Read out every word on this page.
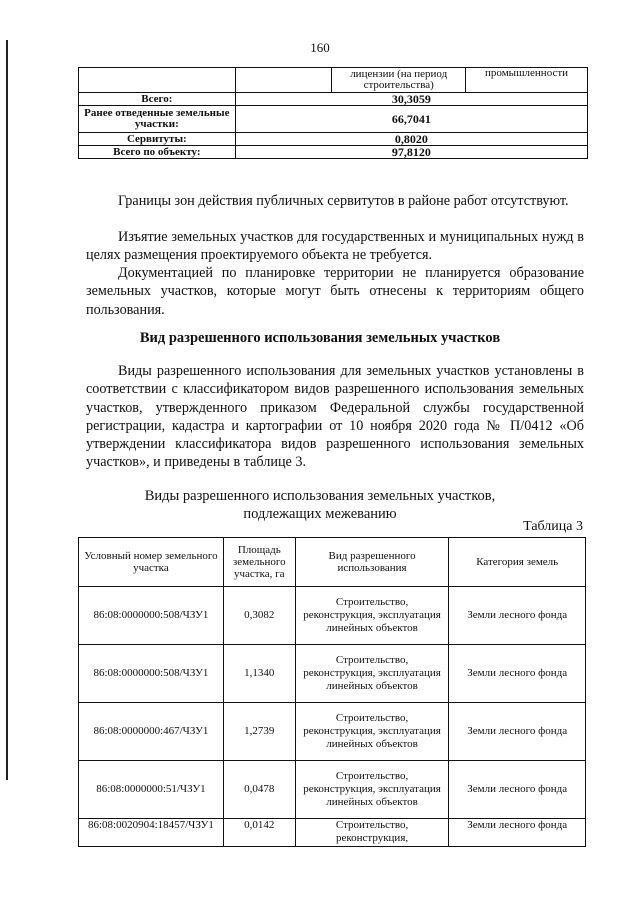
160
		лицензии (на период строительства)	промышленности
Всего:	30,3059		
Ранее отведенные земельные участки:	66,7041		
Сервитуты:	0,8020		
Всего по объекту:	97,8120		

Границы зон действия публичных сервитутов в районе работ отсутствуют.

Изъятие земельных участков для государственных и муниципальных нужд в целях размещения проектируемого объекта не требуется.

Документацией по планировке территории не планируется образование земельных участков, которые могут быть отнесены к территориям общего пользования.

Вид разрешенного использования земельных участков

Виды разрешенного использования для земельных участков установлены в соответствии с классификатором видов разрешенного использования земельных участков, утвержденного приказом Федеральной службы государственной регистрации, кадастра и картографии от 10 ноября 2020 года № П/0412 «Об утверждении классификатора видов разрешенного использования земельных участков», и приведены в таблице 3.

Виды разрешенного использования земельных участков,
подлежащих межеванию
Таблица 3
Условный номер земельного участка	Площадь земельного участка, га	Вид разрешенного использования	Категория земель
86:08:0000000:508/ЧЗУ1	0,3082	Строительство, реконструкция, эксплуатация линейных объектов	Земли лесного фонда
86:08:0000000:508/ЧЗУ1	1,1340	Строительство, реконструкция, эксплуатация линейных объектов	Земли лесного фонда
86:08:0000000:467/ЧЗУ1	1,2739	Строительство, реконструкция, эксплуатация линейных объектов	Земли лесного фонда
86:08:0000000:51/ЧЗУ1	0,0478	Строительство, реконструкция, эксплуатация линейных объектов	Земли лесного фонда
86:08:0020904:18457/ЧЗУ1	0,0142	Строительство, реконструкция,	Земли лесного фонда
